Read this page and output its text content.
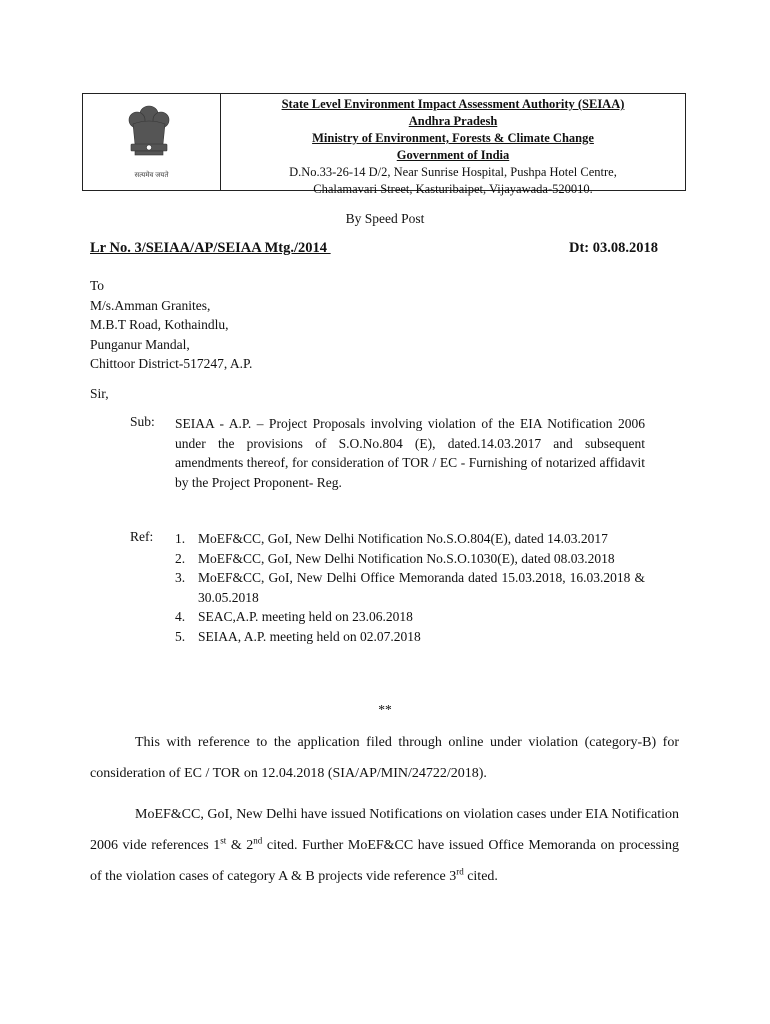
सत्यमेव जयते
State Level Environment Impact Assessment Authority (SEIAA)
Andhra Pradesh
Ministry of Environment, Forests & Climate Change
Government of India
D.No.33-26-14 D/2, Near Sunrise Hospital, Pushpa Hotel Centre,
Chalamavari Street, Kasturibaipet, Vijayawada-520010.
By Speed Post
Lr No. 3/SEIAA/AP/SEIAA Mtg./2014	Dt: 03.08.2018
To
M/s.Amman Granites,
M.B.T Road, Kothaindlu,
Punganur Mandal,
Chittoor District-517247, A.P.
Sir,
Sub: SEIAA - A.P. – Project Proposals involving violation of the EIA Notification 2006 under the provisions of S.O.No.804 (E), dated.14.03.2017 and subsequent amendments thereof, for consideration of TOR / EC - Furnishing of notarized affidavit by the Project Proponent- Reg.
Ref: 1. MoEF&CC, GoI, New Delhi Notification No.S.O.804(E), dated 14.03.2017
2. MoEF&CC, GoI, New Delhi Notification No.S.O.1030(E), dated 08.03.2018
3. MoEF&CC, GoI, New Delhi Office Memoranda dated 15.03.2018, 16.03.2018 & 30.05.2018
4. SEAC,A.P. meeting held on 23.06.2018
5. SEIAA, A.P. meeting held on 02.07.2018
**

This with reference to the application filed through online under violation (category-B) for consideration of EC / TOR on 12.04.2018 (SIA/AP/MIN/24722/2018).

MoEF&CC, GoI, New Delhi have issued Notifications on violation cases under EIA Notification 2006 vide references 1st & 2nd cited. Further MoEF&CC have issued Office Memoranda on processing of the violation cases of category A & B projects vide reference 3rd cited.
